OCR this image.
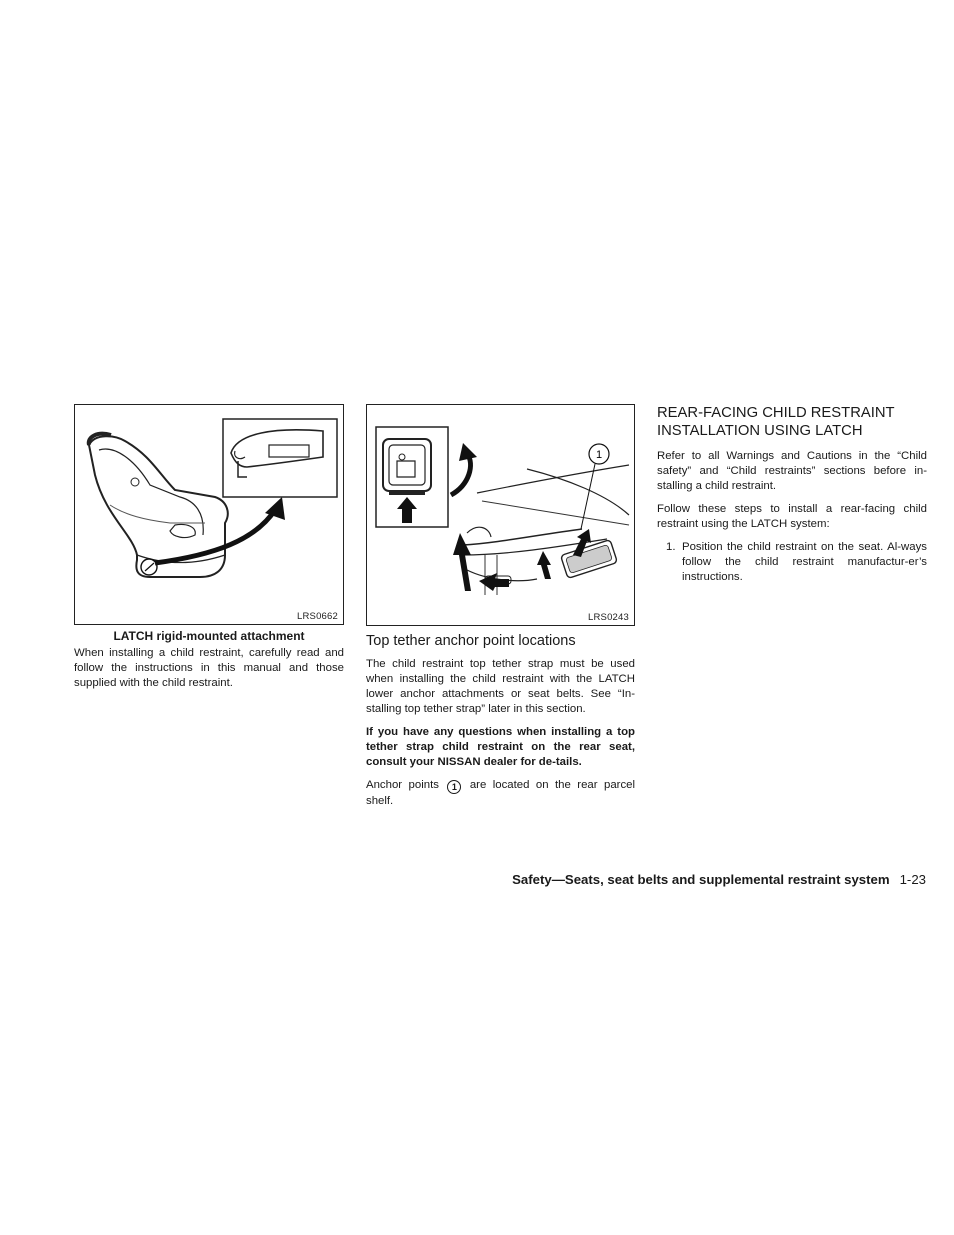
LRS0662
LATCH rigid-mounted attachment

When installing a child restraint, carefully read and follow the instructions in this manual and those supplied with the child restraint.

1
LRS0243
Top tether anchor point locations

The child restraint top tether strap must be used when installing the child restraint with the LATCH lower anchor attachments or seat belts. See “In-stalling top tether strap” later in this section.

If you have any questions when installing a top tether strap child restraint on the rear seat, consult your NISSAN dealer for de-tails.

Anchor points 1 are located on the rear parcel shelf.

REAR-FACING CHILD RESTRAINT
INSTALLATION USING LATCH

Refer to all Warnings and Cautions in the “Child safety” and “Child restraints” sections before in-stalling a child restraint.

Follow these steps to install a rear-facing child restraint using the LATCH system:

1. Position the child restraint on the seat. Al-ways follow the child restraint manufactur-er’s instructions.
Safety—Seats, seat belts and supplemental restraint system 1-23
